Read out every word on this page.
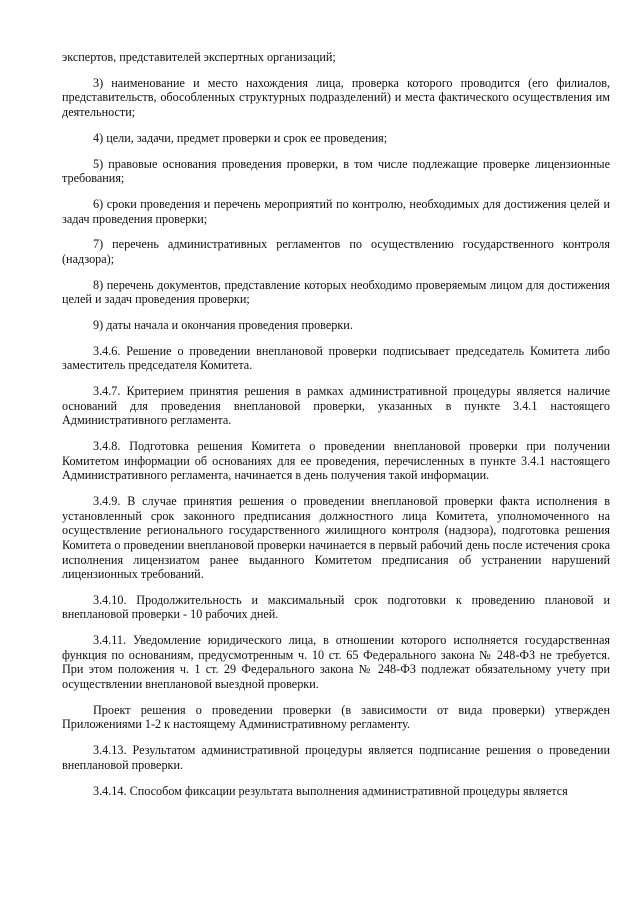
экспертов, представителей экспертных организаций;

3) наименование и место нахождения лица, проверка которого проводится (его филиалов, представительств, обособленных структурных подразделений) и места фактического осуществления им деятельности;

4) цели, задачи, предмет проверки и срок ее проведения;

5) правовые основания проведения проверки, в том числе подлежащие проверке лицензионные требования;

6) сроки проведения и перечень мероприятий по контролю, необходимых для достижения целей и задач проведения проверки;

7) перечень административных регламентов по осуществлению государственного контроля (надзора);

8) перечень документов, представление которых необходимо проверяемым лицом для достижения целей и задач проведения проверки;

9) даты начала и окончания проведения проверки.

3.4.6. Решение о проведении внеплановой проверки подписывает председатель Комитета либо заместитель председателя Комитета.

3.4.7. Критерием принятия решения в рамках административной процедуры является наличие оснований для проведения внеплановой проверки, указанных в пункте 3.4.1 настоящего Административного регламента.

3.4.8. Подготовка решения Комитета о проведении внеплановой проверки при получении Комитетом информации об основаниях для ее проведения, перечисленных в пункте 3.4.1 настоящего Административного регламента, начинается в день получения такой информации.

3.4.9. В случае принятия решения о проведении внеплановой проверки факта исполнения в установленный срок законного предписания должностного лица Комитета, уполномоченного на осуществление регионального государственного жилищного контроля (надзора), подготовка решения Комитета о проведении внеплановой проверки начинается в первый рабочий день после истечения срока исполнения лицензиатом ранее выданного Комитетом предписания об устранении нарушений лицензионных требований.

3.4.10. Продолжительность и максимальный срок подготовки к проведению плановой и внеплановой проверки - 10 рабочих дней.

3.4.11. Уведомление юридического лица, в отношении которого исполняется государственная функция по основаниям, предусмотренным ч. 10 ст. 65 Федерального закона № 248-ФЗ не требуется. При этом положения ч. 1 ст. 29 Федерального закона № 248-ФЗ подлежат обязательному учету при осуществлении внеплановой выездной проверки.

Проект решения о проведении проверки (в зависимости от вида проверки) утвержден Приложениями 1-2 к настоящему Административному регламенту.

3.4.13. Результатом административной процедуры является подписание решения о проведении внеплановой проверки.

3.4.14. Способом фиксации результата выполнения административной процедуры является
